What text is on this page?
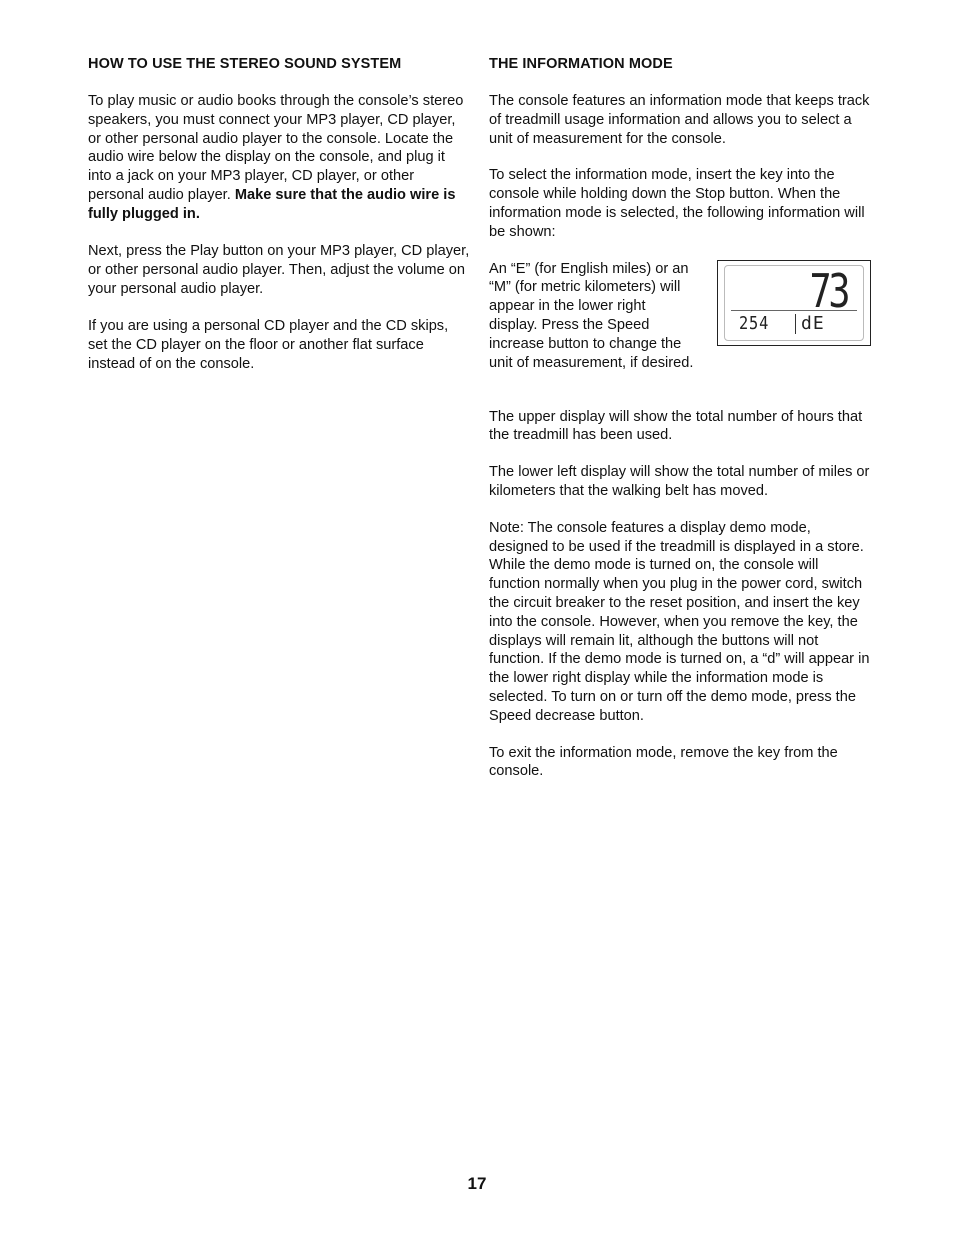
HOW TO USE THE STEREO SOUND SYSTEM

To play music or audio books through the console’s stereo speakers, you must connect your MP3 player, CD player, or other personal audio player to the console. Locate the audio wire below the display on the console, and plug it into a jack on your MP3 player, CD player, or other personal audio player. Make sure that the audio wire is fully plugged in.

Next, press the Play button on your MP3 player, CD player, or other personal audio player. Then, adjust the volume on your personal audio player.

If you are using a personal CD player and the CD skips, set the CD player on the floor or another flat surface instead of on the console.

THE INFORMATION MODE

The console features an information mode that keeps track of treadmill usage information and allows you to select a unit of measurement for the console.

To select the information mode, insert the key into the console while holding down the Stop button. When the information mode is selected, the following information will be shown:

An “E” (for English miles) or an “M” (for metric kilometers) will appear in the lower right display. Press the Speed increase button to change the unit of measurement, if desired.

73
254 dE

The upper display will show the total number of hours that the treadmill has been used.

The lower left display will show the total number of miles or kilometers that the walking belt has moved.

Note: The console features a display demo mode, designed to be used if the treadmill is displayed in a store. While the demo mode is turned on, the console will function normally when you plug in the power cord, switch the circuit breaker to the reset position, and insert the key into the console. However, when you remove the key, the displays will remain lit, although the buttons will not function. If the demo mode is turned on, a “d” will appear in the lower right display while the information mode is selected. To turn on or turn off the demo mode, press the Speed decrease button.

To exit the information mode, remove the key from the console.

17
